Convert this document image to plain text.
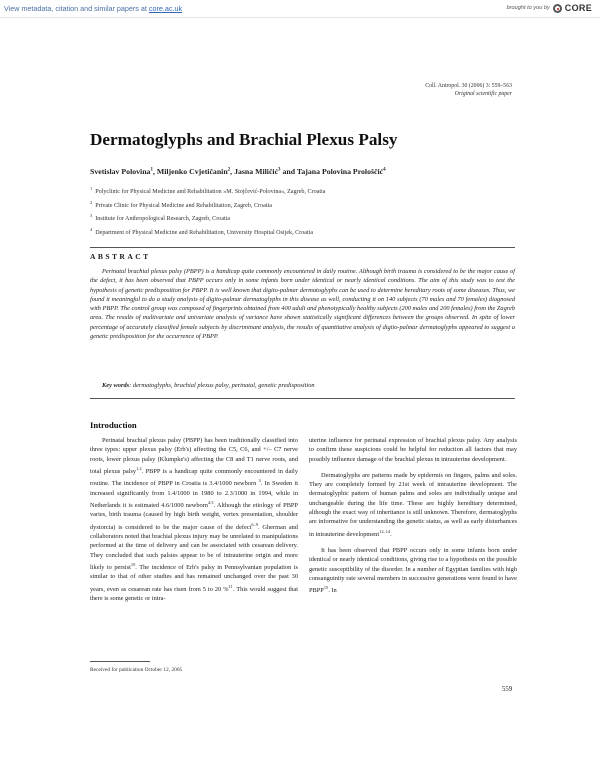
View metadata, citation and similar papers at core.ac.uk	brought to you by CORE
Coll. Antropol. 30 (2006) 3: 559–563
Original scientific paper
Dermatoglyphs and Brachial Plexus Palsy
Svetislav Polovina$^1$, Miljenko Cvjetičanin$^2$, Jasna Miličić$^3$ and Tajana Polovina Prološčić$^4$
$^1$Polyclinic for Physical Medicine and Rehabilitation »M. Stojčević-Polovina«, Zagreb, Croatia
$^2$Private Clinic for Physical Medicine and Rehabilitation, Zagreb, Croatia
$^3$Institute for Anthropological Research, Zagreb, Croatia
$^4$Department of Physical Medicine and Rehabilitation, University Hospital Osijek, Croatia
ABSTRACT

Perinatal brachial plexus palsy (PBPP) is a handicap quite commonly encountered in daily routine. Although birth trauma is considered to be the major cause of the defect, it has been observed that PBPP occurs only in some infants born under identical or nearly identical conditions. The aim of this study was to test the hypothesis of genetic predisposition for PBPP. It is well known that digito-palmar dermatoglyphs can be used to determine hereditary roots of some diseases. Thus, we found it meaningful to do a study analysis of digito-palmar dermatoglyphs in this disease as well, conducting it on 140 subjects (70 males and 70 females) diagnosed with PBPP. The control group was composed of fingerprints obtained from 400 adult and phenotypically healthy subjects (200 males and 200 females) from the Zagreb area. The results of multivariate and univariate analysis of variance have shown statistically significant differences between the groups observed. In spite of lower percentage of accurately classified female subjects by discriminant analysis, the results of quantitative analysis of digito-palmar dermatoglyphs appeared to suggest a genetic predisposition for the occurrence of PBPP.

Key words: dermatoglyphs, brachial plexus palsy, perinatal, genetic predisposition
Introduction

Perinatal brachial plexus palsy (PBPP) has been traditionally classified into three types: upper plexus palsy (Erb's) affecting the C5, C6, and +/– C7 nerve roots, lower plexus palsy (Klumpke's) affecting the C8 and T1 nerve roots, and total plexus palsy$^{1,2}$. PBPP is a handicap quite commonly encountered in daily routine. The incidence of PBPP in Croatia is 3.4/1000 newborn $^3$. In Sweden it increased significantly from 1.4/1000 in 1980 to 2.3/1000 in 1994, while in Netherlands it is estimated 4.6/1000 newborn$^{4,5}$. Although the etiology of PBPP varies, birth trauma (caused by high birth weight, vertex presentation, shoulder dystorcia) is considered to be the major cause of the defect$^{6-9}$. Gherman and collaborators noted that brachial plexus injury may be unrelated to manipulations performed at the time of delivery and can be associated with cesarean delivery. They concluded that such palsies appear to be of intrauterine origin and more likely to persist$^{10}$. The incidence of Erb's palsy in Pennsylvanian population is similar to that of other studies and has remained unchanged over the past 30 years, even as cesarean rate has risen from 5 to 20 %$^{11}$. This would suggest that there is some genetic or intra-

uterine influence for perinatal expression of brachial plexus palsy. Any analysis to confirm these suspicions could be helpful for reduction all factors that may possibly influence damage of the brachial plexus in intrauterine development.

Dermatoglyphs are patterns made by epidermis on fingers, palms and soles. They are completely formed by 21st week of intrauterine development. The dermatoglyphic pattern of human palms and soles are individually unique and unchangeable during the life time. These are highly hereditary determined, although the exact way of inheritance is still unknown. Therefore, dermatoglyphs are informative for understanding the genetic status, as well as early disturbances in intrauterine development$^{12-14}$.

It has been observed that PBPP occurs only in some infants born under identical or nearly identical conditions, giving rise to a hypothesis on the possible genetic susceptibility of the disorder. In a number of Egyptian families with high consanguinity rate several members in successive generations were found to have PBPP$^{15}$. In

Received for publication October 12, 2005
559
